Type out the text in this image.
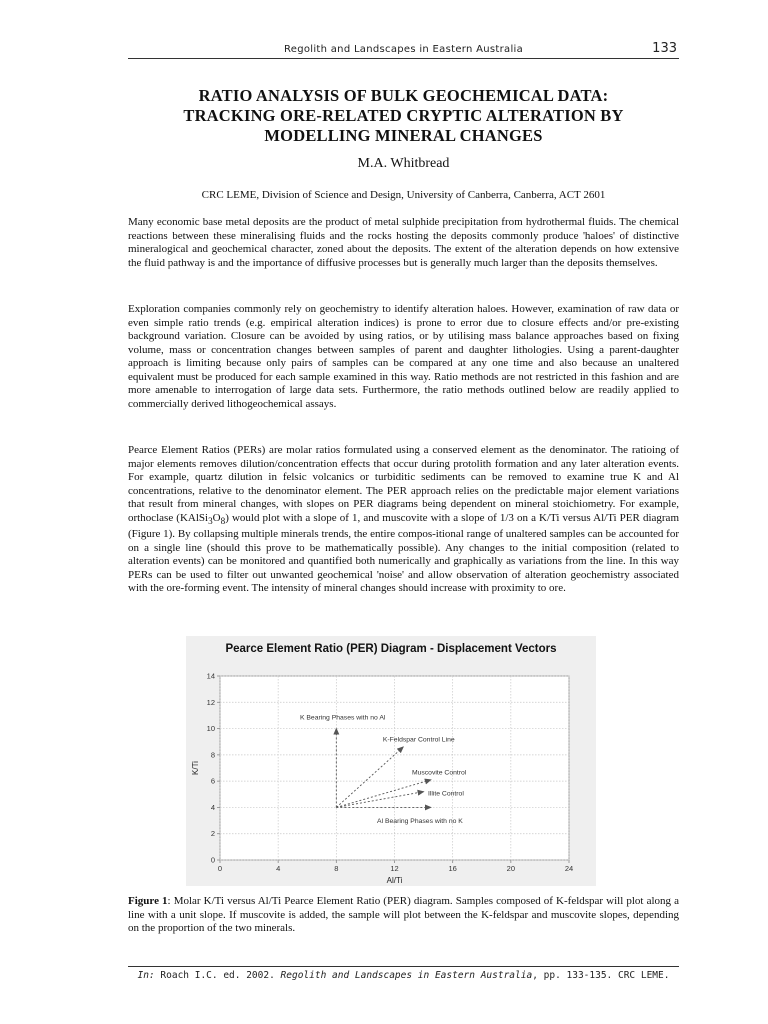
Regolith and Landscapes in Eastern Australia	133
RATIO ANALYSIS OF BULK GEOCHEMICAL DATA:
TRACKING ORE-RELATED CRYPTIC ALTERATION BY
MODELLING MINERAL CHANGES
M.A. Whitbread
CRC LEME, Division of Science and Design, University of Canberra, Canberra, ACT 2601

Many economic base metal deposits are the product of metal sulphide precipitation from hydrothermal fluids. The chemical reactions between these mineralising fluids and the rocks hosting the deposits commonly produce 'haloes' of distinctive mineralogical and geochemical character, zoned about the deposits. The extent of the alteration depends on how extensive the fluid pathway is and the importance of diffusive processes but is generally much larger than the deposits themselves.

Exploration companies commonly rely on geochemistry to identify alteration haloes. However, examination of raw data or even simple ratio trends (e.g. empirical alteration indices) is prone to error due to closure effects and/or pre-existing background variation. Closure can be avoided by using ratios, or by utilising mass balance approaches based on fixing volume, mass or concentration changes between samples of parent and daughter lithologies. Using a parent-daughter approach is limiting because only pairs of samples can be compared at any one time and also because an unaltered equivalent must be produced for each sample examined in this way. Ratio methods are not restricted in this fashion and are more amenable to interrogation of large data sets. Furthermore, the ratio methods outlined below are readily applied to commercially derived lithogeochemical assays.

Pearce Element Ratios (PERs) are molar ratios formulated using a conserved element as the denominator. The ratioing of major elements removes dilution/concentration effects that occur during protolith formation and any later alteration events. For example, quartz dilution in felsic volcanics or turbiditic sediments can be removed to examine true K and Al concentrations, relative to the denominator element. The PER approach relies on the predictable major element variations that result from mineral changes, with slopes on PER diagrams being dependent on mineral stoichiometry. For example, orthoclase $(KAlSi_3O_8)$ would plot with a slope of 1, and muscovite with a slope of 1/3 on a K/Ti versus Al/Ti PER diagram (Figure 1). By collapsing multiple minerals trends, the entire compos-itional range of unaltered samples can be accounted for on a single line (should this prove to be mathematically possible). Any changes to the initial composition (related to alteration events) can be monitored and quantified both numerically and graphically as variations from the line. In this way PERs can be used to filter out unwanted geochemical 'noise' and allow observation of alteration geochemistry associated with the ore-forming event. The intensity of mineral changes should increase with proximity to ore.

Pearce Element Ratio (PER) Diagram - Displacement Vectors
0	4	8	12	16	20	24
0
2
4
6
8
10
12
14
Al/Ti
K/Ti
K Bearing Phases with no Al
K-Feldspar Control Line
Muscovite Control
Illite Control
Al Bearing Phases with no K
Figure 1: Molar K/Ti versus Al/Ti Pearce Element Ratio (PER) diagram. Samples composed of K-feldspar will plot along a line with a unit slope. If muscovite is added, the sample will plot between the K-feldspar and muscovite slopes, depending on the proportion of the two minerals.
In: Roach I.C. ed. 2002. Regolith and Landscapes in Eastern Australia, pp. 133-135. CRC LEME.
